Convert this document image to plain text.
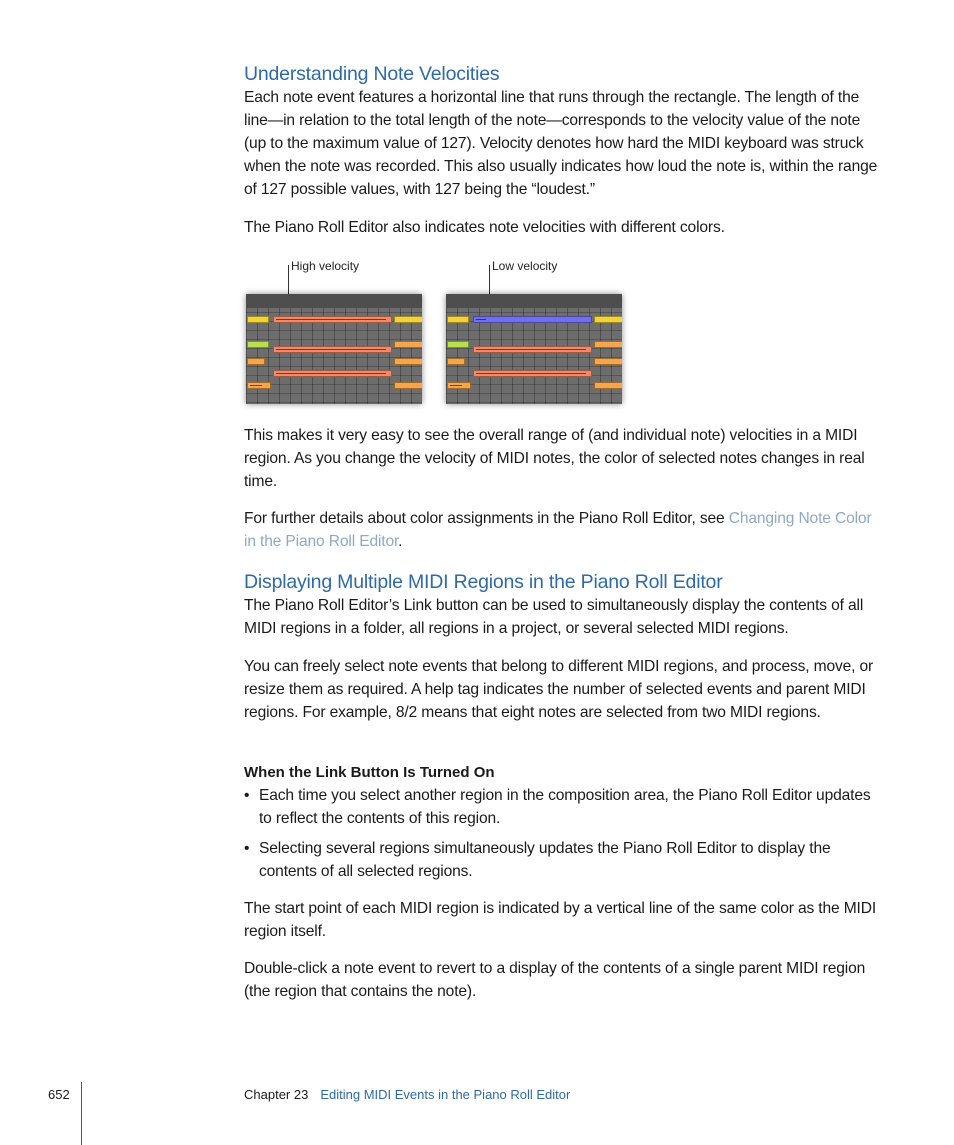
Understanding Note Velocities

Each note event features a horizontal line that runs through the rectangle. The length of the line—in relation to the total length of the note—corresponds to the velocity value of the note (up to the maximum value of 127). Velocity denotes how hard the MIDI keyboard was struck when the note was recorded. This also usually indicates how loud the note is, within the range of 127 possible values, with 127 being the “loudest.”

The Piano Roll Editor also indicates note velocities with different colors.

High velocity	Low velocity

This makes it very easy to see the overall range of (and individual note) velocities in a MIDI region. As you change the velocity of MIDI notes, the color of selected notes changes in real time.

For further details about color assignments in the Piano Roll Editor, see Changing Note Color in the Piano Roll Editor.

Displaying Multiple MIDI Regions in the Piano Roll Editor

The Piano Roll Editor’s Link button can be used to simultaneously display the contents of all MIDI regions in a folder, all regions in a project, or several selected MIDI regions.

You can freely select note events that belong to different MIDI regions, and process, move, or resize them as required. A help tag indicates the number of selected events and parent MIDI regions. For example, 8/2 means that eight notes are selected from two MIDI regions.

When the Link Button Is Turned On
• Each time you select another region in the composition area, the Piano Roll Editor updates to reflect the contents of this region.
• Selecting several regions simultaneously updates the Piano Roll Editor to display the contents of all selected regions.

The start point of each MIDI region is indicated by a vertical line of the same color as the MIDI region itself.

Double-click a note event to revert to a display of the contents of a single parent MIDI region (the region that contains the note).

652	Chapter 23 Editing MIDI Events in the Piano Roll Editor
